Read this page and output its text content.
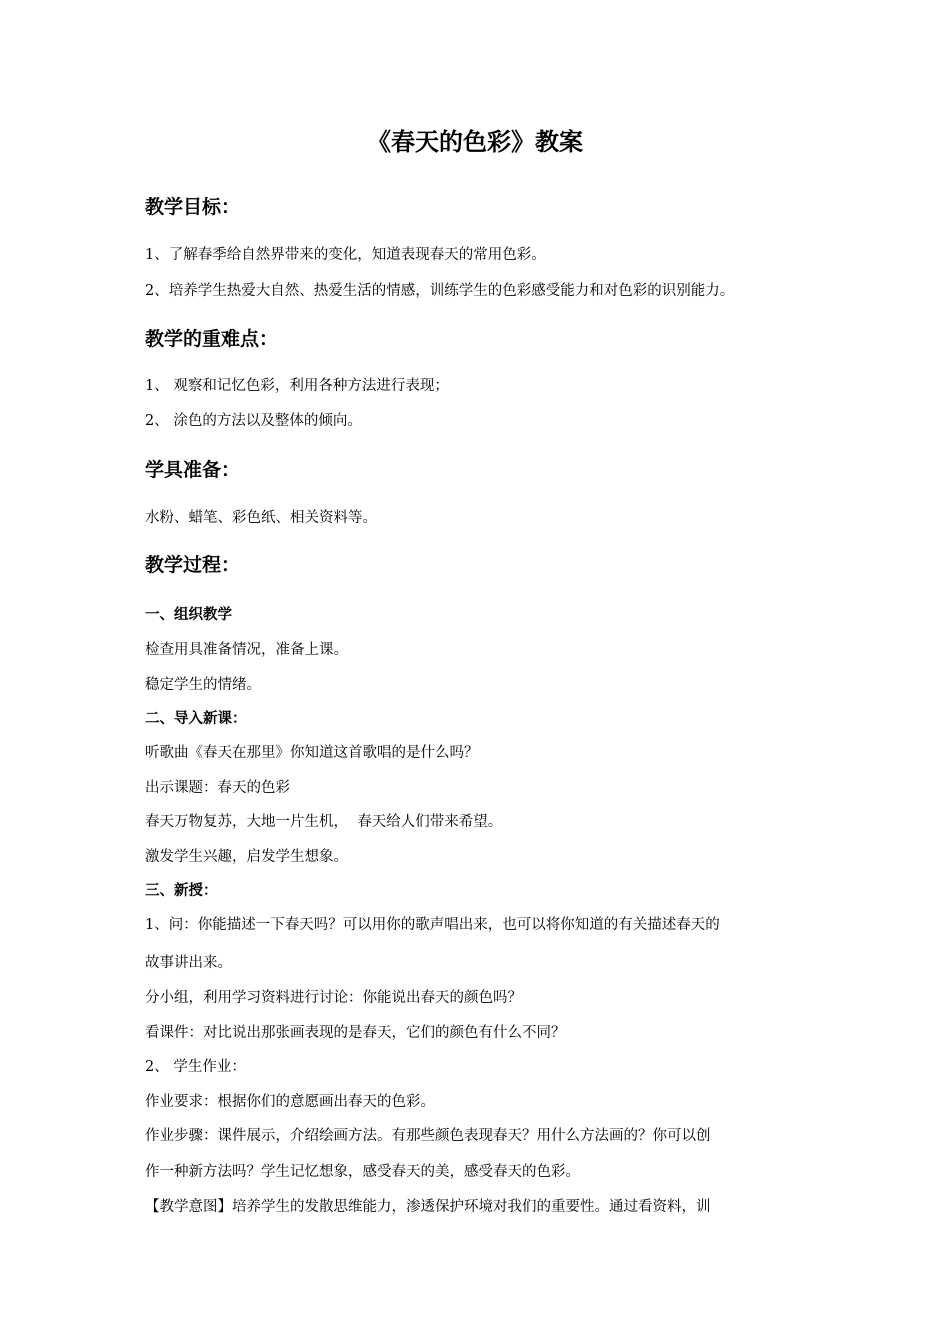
《春天的色彩》教案
教学目标：
1、了解春季给自然界带来的变化，知道表现春天的常用色彩。
2、培养学生热爱大自然、热爱生活的情感，训练学生的色彩感受能力和对色彩的识别能力。
教学的重难点：
1、 观察和记忆色彩，利用各种方法进行表现；
2、 涂色的方法以及整体的倾向。
学具准备：
水粉、蜡笔、彩色纸、相关资料等。
教学过程：
一、组织教学
检查用具准备情况，准备上课。
稳定学生的情绪。
二、导入新课：
听歌曲《春天在那里》你知道这首歌唱的是什么吗？
出示课题：春天的色彩
春天万物复苏，大地一片生机，  春天给人们带来希望。
激发学生兴趣，启发学生想象。
三、新授：
1、问：你能描述一下春天吗？可以用你的歌声唱出来，也可以将你知道的有关描述春天的
故事讲出来。
分小组，利用学习资料进行讨论：你能说出春天的颜色吗？
看课件：对比说出那张画表现的是春天，它们的颜色有什么不同？
2、 学生作业：
作业要求：根据你们的意愿画出春天的色彩。
作业步骤：课件展示，介绍绘画方法。有那些颜色表现春天？用什么方法画的？你可以创
作一种新方法吗？学生记忆想象，感受春天的美，感受春天的色彩。
【教学意图】培养学生的发散思维能力，渗透保护环境对我们的重要性。通过看资料，训
